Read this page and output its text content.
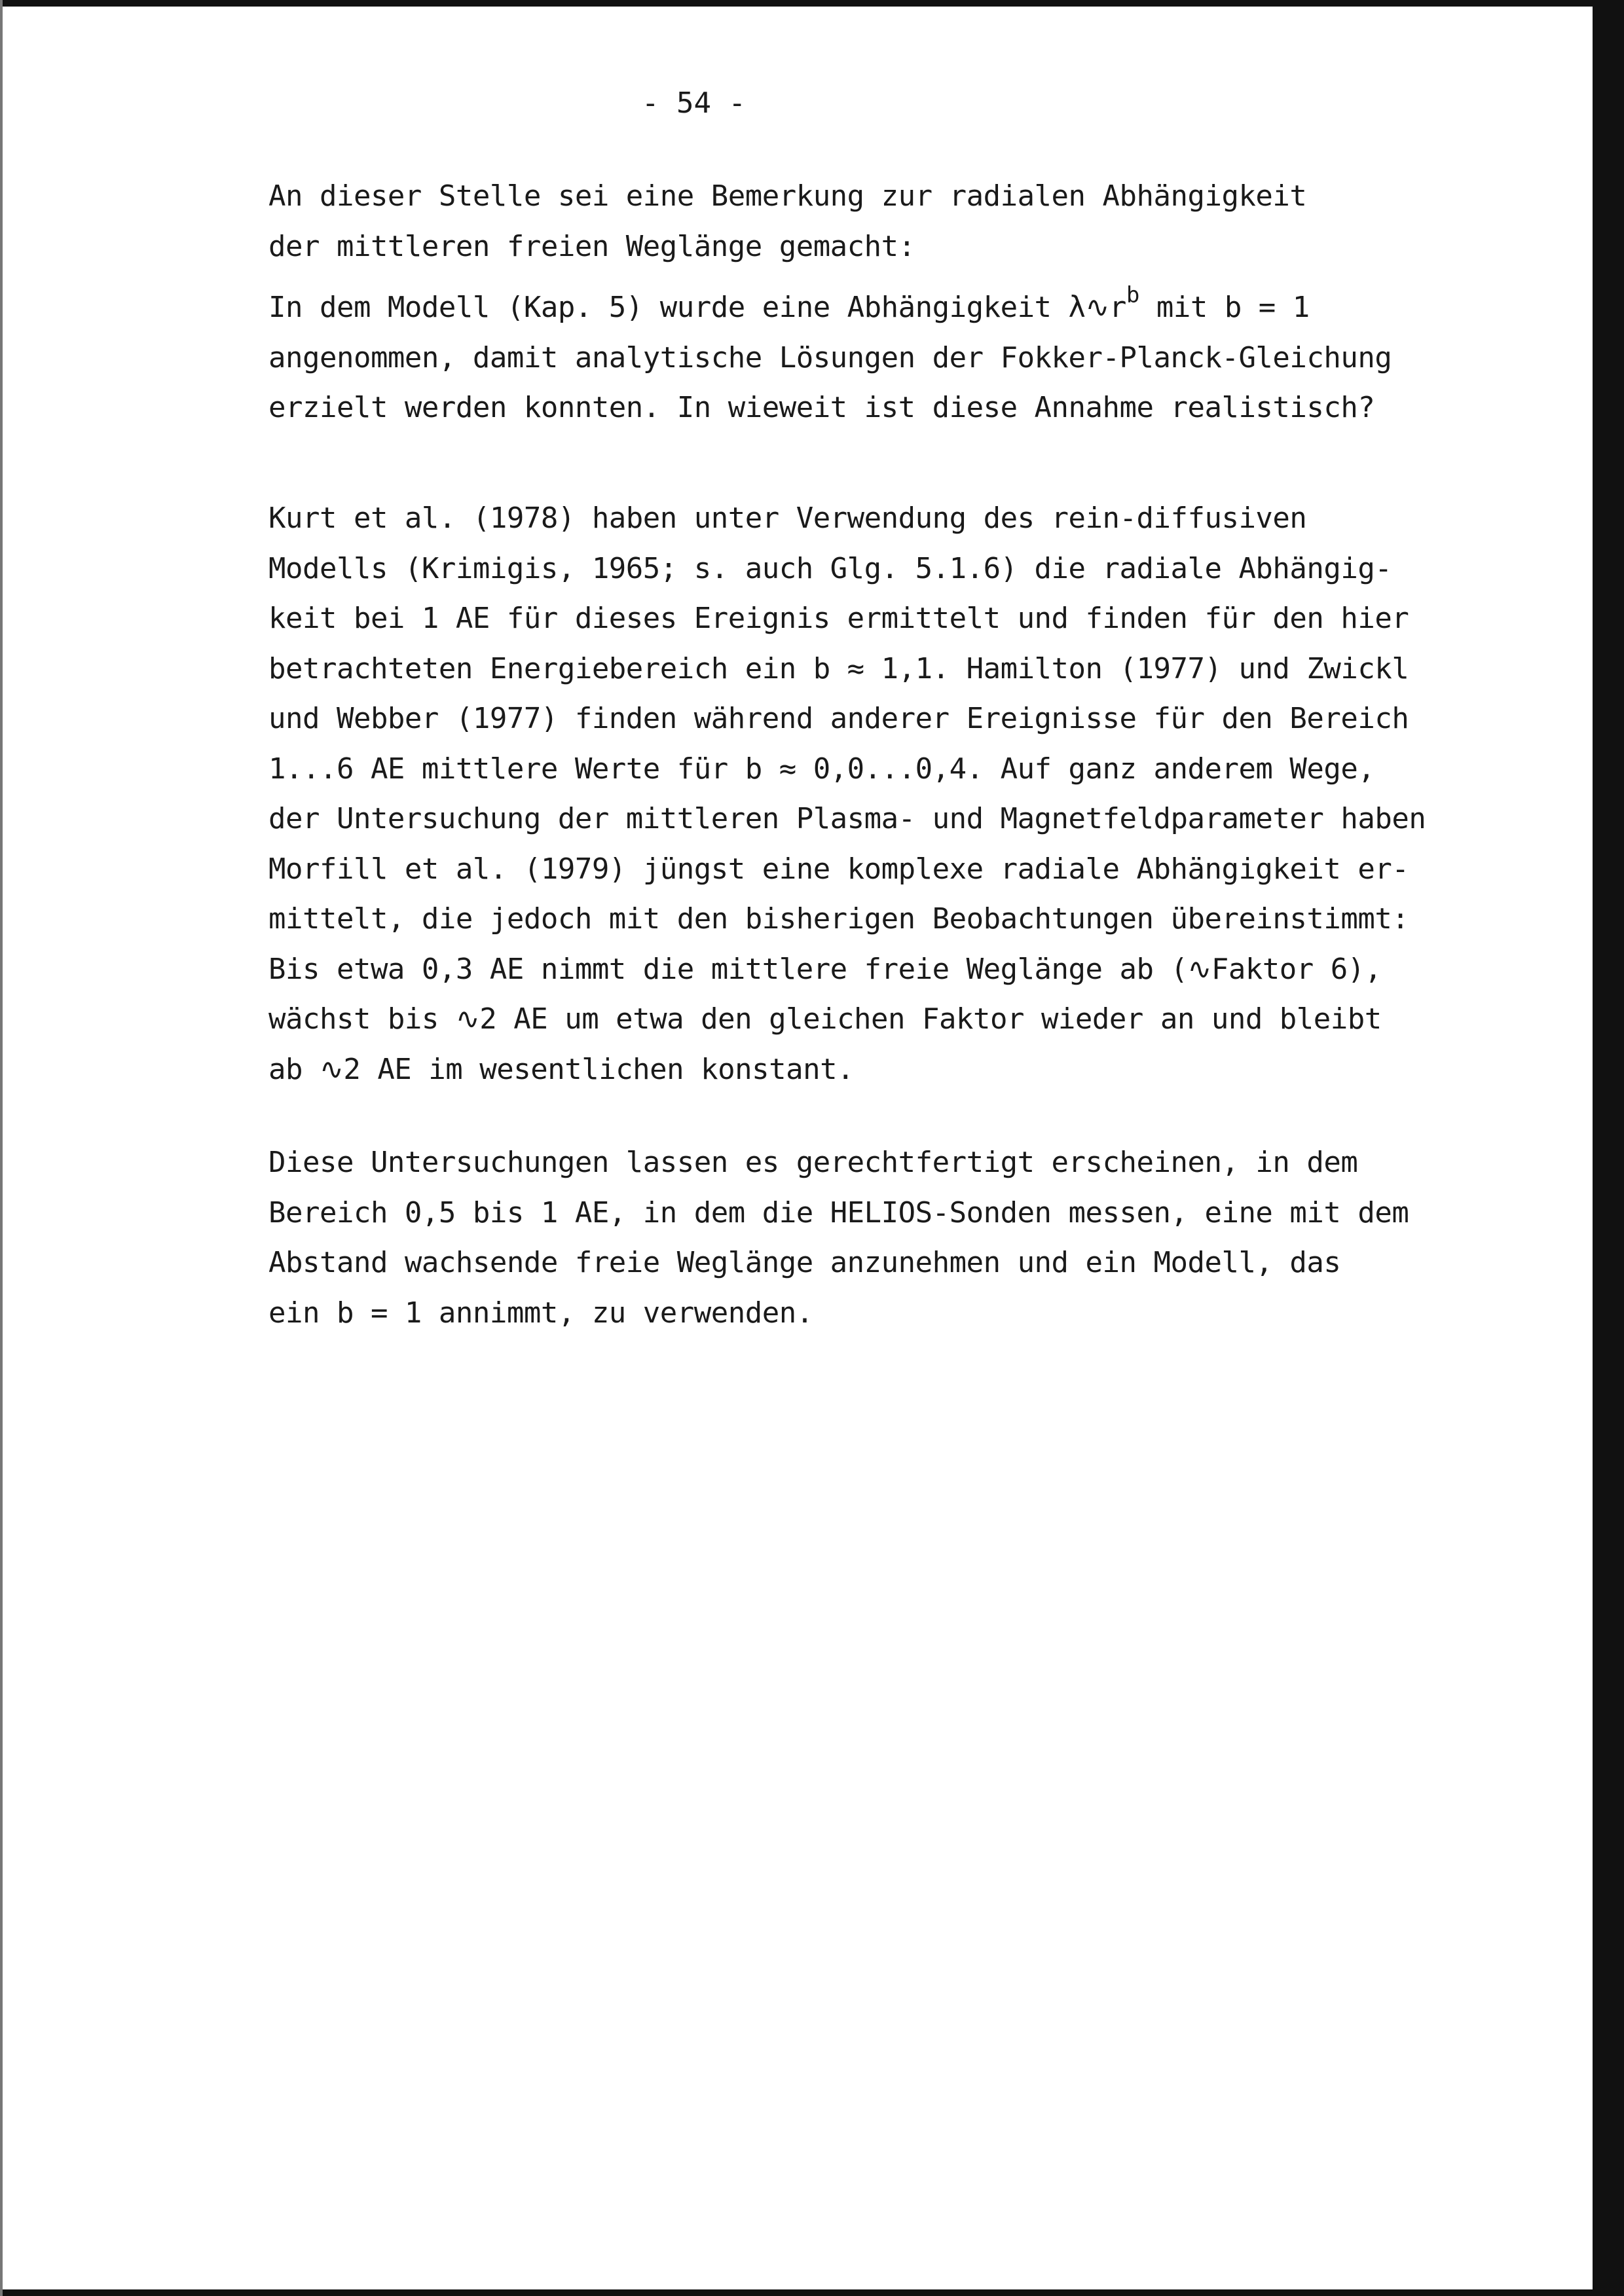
- 54 -
An dieser Stelle sei eine Bemerkung zur radialen Abhängigkeit
der mittleren freien Weglänge gemacht:
In dem Modell (Kap. 5) wurde eine Abhängigkeit $\lambda∿r^b$ mit b = 1
angenommen, damit analytische Lösungen der Fokker-Planck-Gleichung
erzielt werden konnten. In wieweit ist diese Annahme realistisch?
Kurt et al. (1978) haben unter Verwendung des rein-diffusiven
Modells (Krimigis, 1965; s. auch Glg. 5.1.6) die radiale Abhängig-
keit bei 1 AE für dieses Ereignis ermittelt und finden für den hier
betrachteten Energiebereich ein b ≈ 1,1. Hamilton (1977) und Zwickl
und Webber (1977) finden während anderer Ereignisse für den Bereich
1...6 AE mittlere Werte für b ≈ 0,0...0,4. Auf ganz anderem Wege,
der Untersuchung der mittleren Plasma- und Magnetfeldparameter haben
Morfill et al. (1979) jüngst eine komplexe radiale Abhängigkeit er-
mittelt, die jedoch mit den bisherigen Beobachtungen übereinstimmt:
Bis etwa 0,3 AE nimmt die mittlere freie Weglänge ab (∿Faktor 6),
wächst bis ∿2 AE um etwa den gleichen Faktor wieder an und bleibt
ab ∿2 AE im wesentlichen konstant.
Diese Untersuchungen lassen es gerechtfertigt erscheinen, in dem
Bereich 0,5 bis 1 AE, in dem die HELIOS-Sonden messen, eine mit dem
Abstand wachsende freie Weglänge anzunehmen und ein Modell, das
ein b = 1 annimmt, zu verwenden.
